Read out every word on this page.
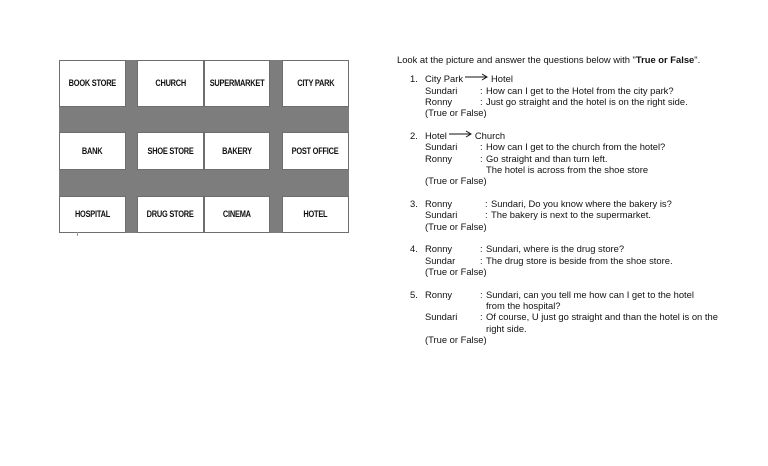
BOOK STORE	CHURCH	SUPERMARKET	CITY PARK
BANK	SHOE STORE	BAKERY	POST OFFICE
HOSPITAL	DRUG STORE	CINEMA	HOTEL

Look at the picture and answer the questions below with "True or False".

1. City Park	Hotel
Sundari	: How can I get to the Hotel from the city park?
Ronny	: Just go straight and the hotel is on the right side.
(True or False)
2. Hotel	Church
Sundari	: How can I get to the church from the hotel?
Ronny	: Go straight and than turn left.
The hotel is across from the shoe store
(True or False)
3. Ronny	: Sundari, Do you know where the bakery is?
Sundari	: The bakery is next to the supermarket.
(True or False)
4. Ronny	: Sundari, where is the drug store?
Sundar	: The drug store is beside from the shoe store.
(True or False)
5. Ronny	: Sundari, can you tell me how can I get to the hotel from the hospital?
Sundari	: Of course, U just go straight and than the hotel is on the right side.
(True or False)
